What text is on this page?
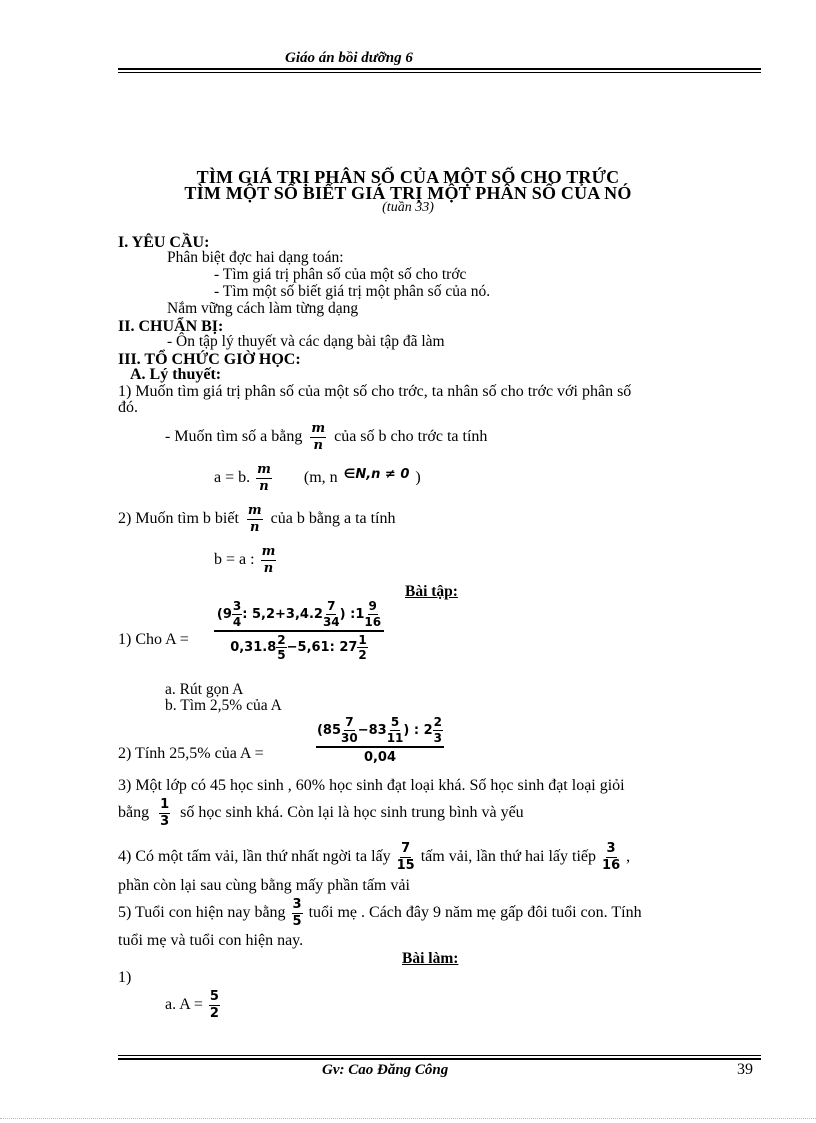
Giáo án bồi dưỡng 6
TÌM GIÁ TRỊ PHÂN SỐ CỦA MỘT SỐ CHO TRỨC
TÌM MỘT SỐ BIẾT GIÁ TRỊ MỘT PHÂN SỐ CỦA NÓ
(tuần 33)
I. YÊU CẦU:
Phân biệt đợc hai dạng toán:
- Tìm giá trị phân số của một số cho trớc
- Tìm một số biết giá trị một phân số của nó.
Nắm vững cách làm từng dạng
II. CHUẨN BỊ:
- Ôn tập lý thuyết và các dạng bài tập đã làm
III. TỔ CHỨC GIỜ HỌC:
A. Lý thuyết:
1) Muốn tìm giá trị phân số của một số cho trớc, ta nhân số cho trớc với phân số
đó.
- Muốn tìm số a bằng $\frac{m}{n}$ của số b cho trớc ta tính
a = b. $\frac{m}{n} (m$, n ∈N,n ≠ 0 )
2) Muốn tìm b biết $\frac{m}{n}$ của b bằng a ta tính
b = a : $\frac{m}{n}$
Bài tập:
1) Cho A =
($9 \frac{3}{4}$ : $5,2+3,4.2 \frac{7}{34}$ ) :1 $\frac{9}{16}$
$0,31.8 \frac{2}{5} -5,61$: $27 \frac{1}{2}$
a. Rút gọn A
b. Tìm 2,5% của A
2) Tính 25,5% của A =
($85 \frac{7}{30} -83 \frac{5}{11}$ ) : $2 \frac{2}{3}$
0,04
3) Một lớp có 45 học sinh , 60% học sinh đạt loại khá. Số học sinh đạt loại giỏi
bằng $\frac{1}{3}$ số học sinh khá. Còn lại là học sinh trung bình và yếu
4) Có một tấm vải, lần thứ nhất ngời ta lấy $\frac{7}{15}$ tấm vải, lần thứ hai lấy tiếp $\frac{3}{16}$ ,
phần còn lại sau cùng bằng mấy phần tấm vải
5) Tuổi con hiện nay bằng $\frac{3}{5}$ tuổi mẹ . Cách đây 9 năm mẹ gấp đôi tuổi con. Tính
tuổi mẹ và tuổi con hiện nay.
Bài làm:
1)
a. $A = \frac{5}{2}$
Gv: Cao Đăng Công	39
